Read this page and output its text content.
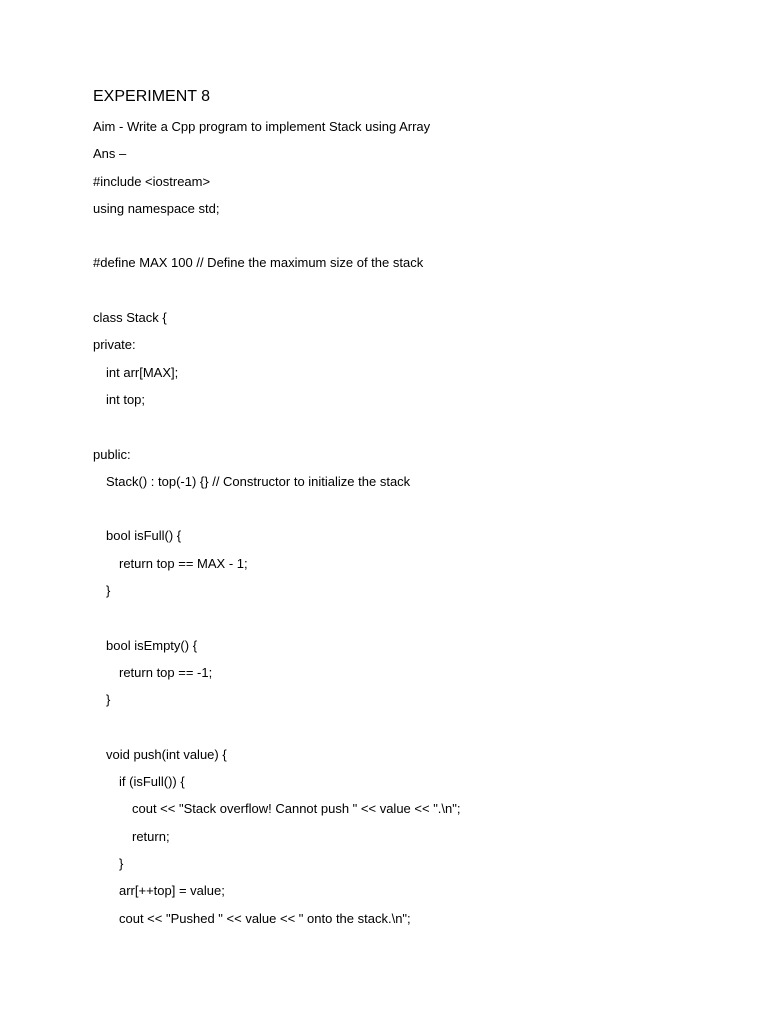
EXPERIMENT 8
Aim - Write a Cpp program to implement Stack using Array
Ans –
#include <iostream>
using namespace std;
#define MAX 100 // Define the maximum size of the stack
class Stack {
private:
int arr[MAX];
int top;
public:
Stack() : top(-1) {} // Constructor to initialize the stack
bool isFull() {
return top == MAX - 1;
}
bool isEmpty() {
return top == -1;
}
void push(int value) {
if (isFull()) {
cout << "Stack overflow! Cannot push " << value << ".\n";
return;
}
arr[++top] = value;
cout << "Pushed " << value << " onto the stack.\n";
